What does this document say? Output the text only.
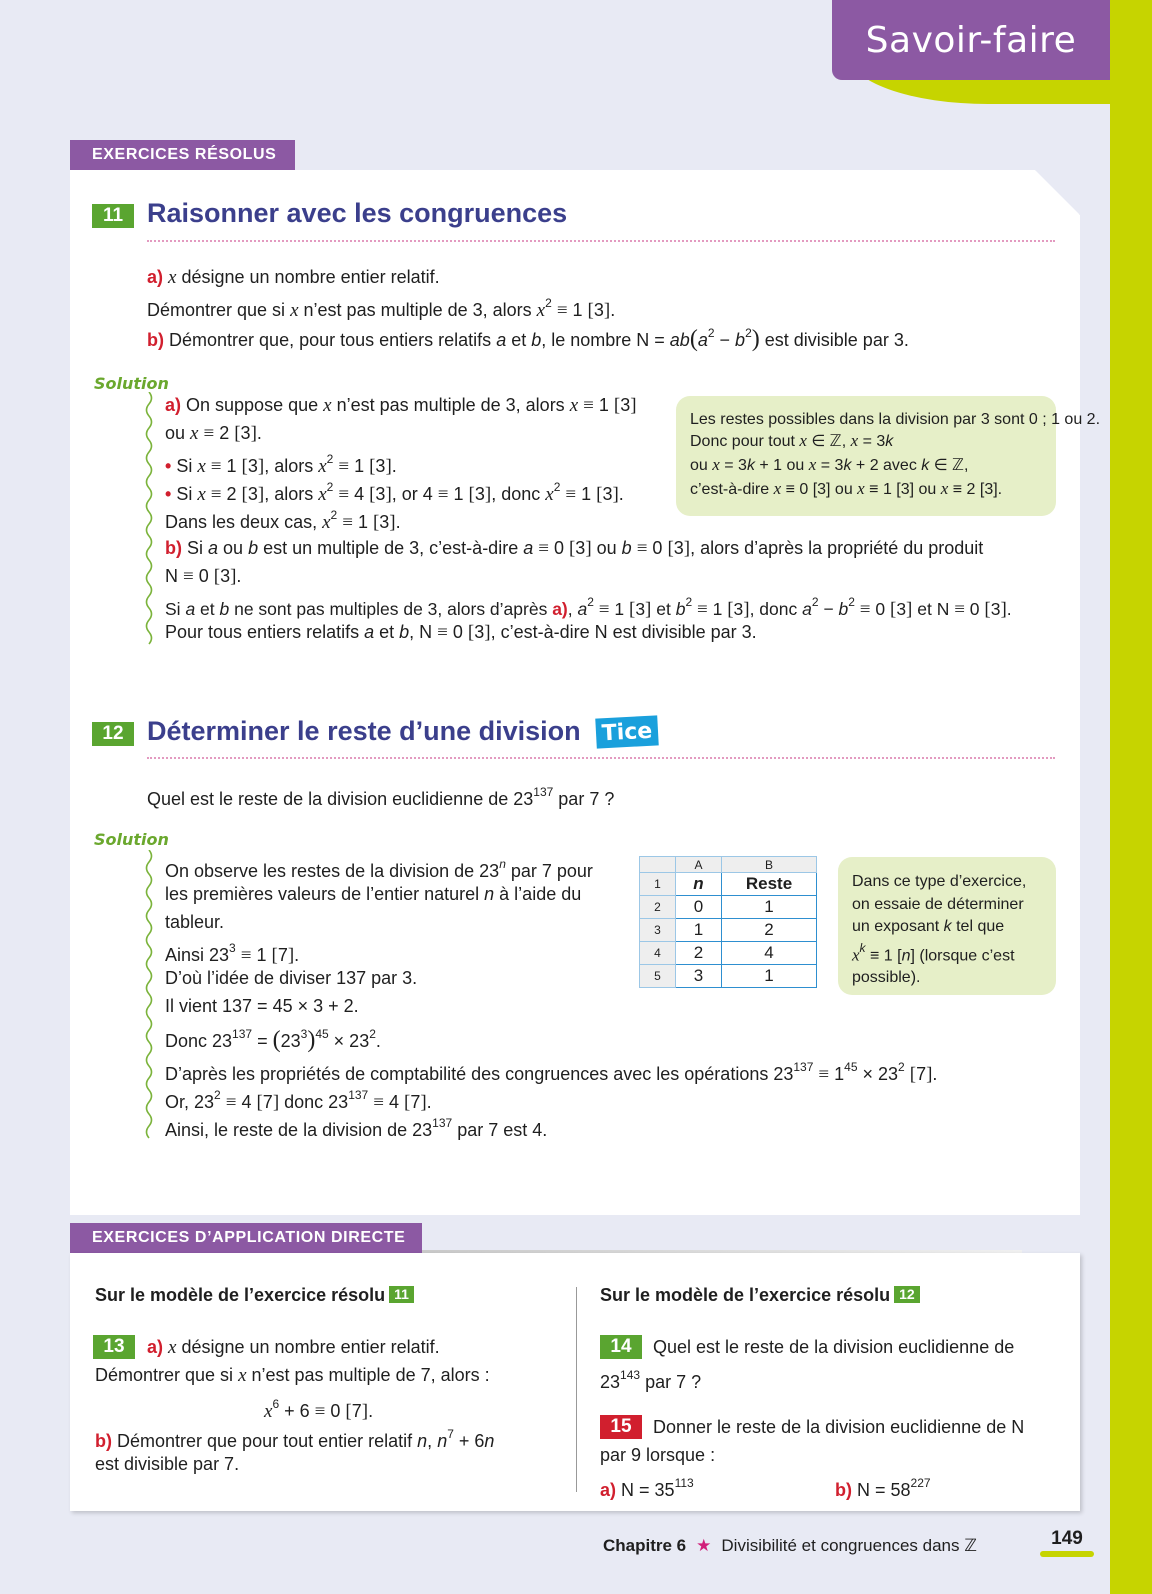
Savoir-faire
EXERCICES RÉSOLUS
11 Raisonner avec les congruences
a) x désigne un nombre entier relatif.
Démontrer que si x n’est pas multiple de 3, alors $x^2 \equiv 1$ [3].
b) Démontrer que, pour tous entiers relatifs a et b, le nombre $N = ab(a^2 - b^2)$ est divisible par 3.
Solution
a) On suppose que x n’est pas multiple de 3, alors x ≡ 1 [3]
ou x ≡ 2 [3].
• Si x ≡ 1 [3], alors $x^2 \equiv 1$ [3].
• Si x ≡ 2 [3], alors $x^2 \equiv 4$ [3], or 4 ≡ 1 [3], donc $x^2 \equiv 1$ [3].
Dans les deux cas, $x^2 \equiv 1$ [3].
b) Si a ou b est un multiple de 3, c’est-à-dire a ≡ 0 [3] ou b ≡ 0 [3], alors d’après la propriété du produit
N ≡ 0 [3].
Si a et b ne sont pas multiples de 3, alors d’après a), $a^2 \equiv 1$ [3] et $b^2 \equiv 1$ [3], donc $a^2 - b^2 \equiv 0$ [3] et N ≡ 0 [3].
Pour tous entiers relatifs a et b, N ≡ 0 [3], c’est-à-dire N est divisible par 3.
Les restes possibles dans la division par 3 sont 0 ; 1 ou 2.
Donc pour tout x ∈ ℤ, x = 3k
ou x = 3k + 1 ou x = 3k + 2 avec k ∈ ℤ,
c’est-à-dire x ≡ 0 [3] ou x ≡ 1 [3] ou x ≡ 2 [3].
12 Déterminer le reste d’une division Tice
Quel est le reste de la division euclidienne de $23^{137}$ par 7 ?
Solution
On observe les restes de la division de 23$^n$ par 7 pour
les premières valeurs de l’entier naturel n à l’aide du
tableur.
Ainsi $23^3 \equiv 1$ [7].
D’où l’idée de diviser 137 par 3.
Il vient 137 = 45 × 3 + 2.
Donc $23^{137} = (23^3)^{45} \times 23^2$.
D’après les propriétés de comptabilité des congruences avec les opérations $23^{137} \equiv 1^{45} \times 23^2$ [7].
Or, $23^2 \equiv 4$ [7] donc $23^{137} \equiv 4$ [7].
Ainsi, le reste de la division de $23^{137}$ par 7 est 4.
	A	B
1	n	Reste
2	0	1
3	1	2
4	2	4
5	3	1
Dans ce type d’exercice,
on essaie de déterminer
un exposant k tel que
$x^k \equiv 1$ [n] (lorsque c’est
possible).
EXERCICES D’APPLICATION DIRECTE
Sur le modèle de l’exercice résolu 11	Sur le modèle de l’exercice résolu 12
13	a) x désigne un nombre entier relatif.
Démontrer que si x n’est pas multiple de 7, alors :
$x^6 + 6 \equiv 0$ [7].
b) Démontrer que pour tout entier relatif n, $n^7 + 6n$
est divisible par 7.
14	Quel est le reste de la division euclidienne de
$23^{143}$ par 7 ?
15	Donner le reste de la division euclidienne de N
par 9 lorsque :
a) $N = 35^{113}$	b) $N = 58^{227}$
Chapitre 6 ★ Divisibilité et congruences dans ℤ	149
